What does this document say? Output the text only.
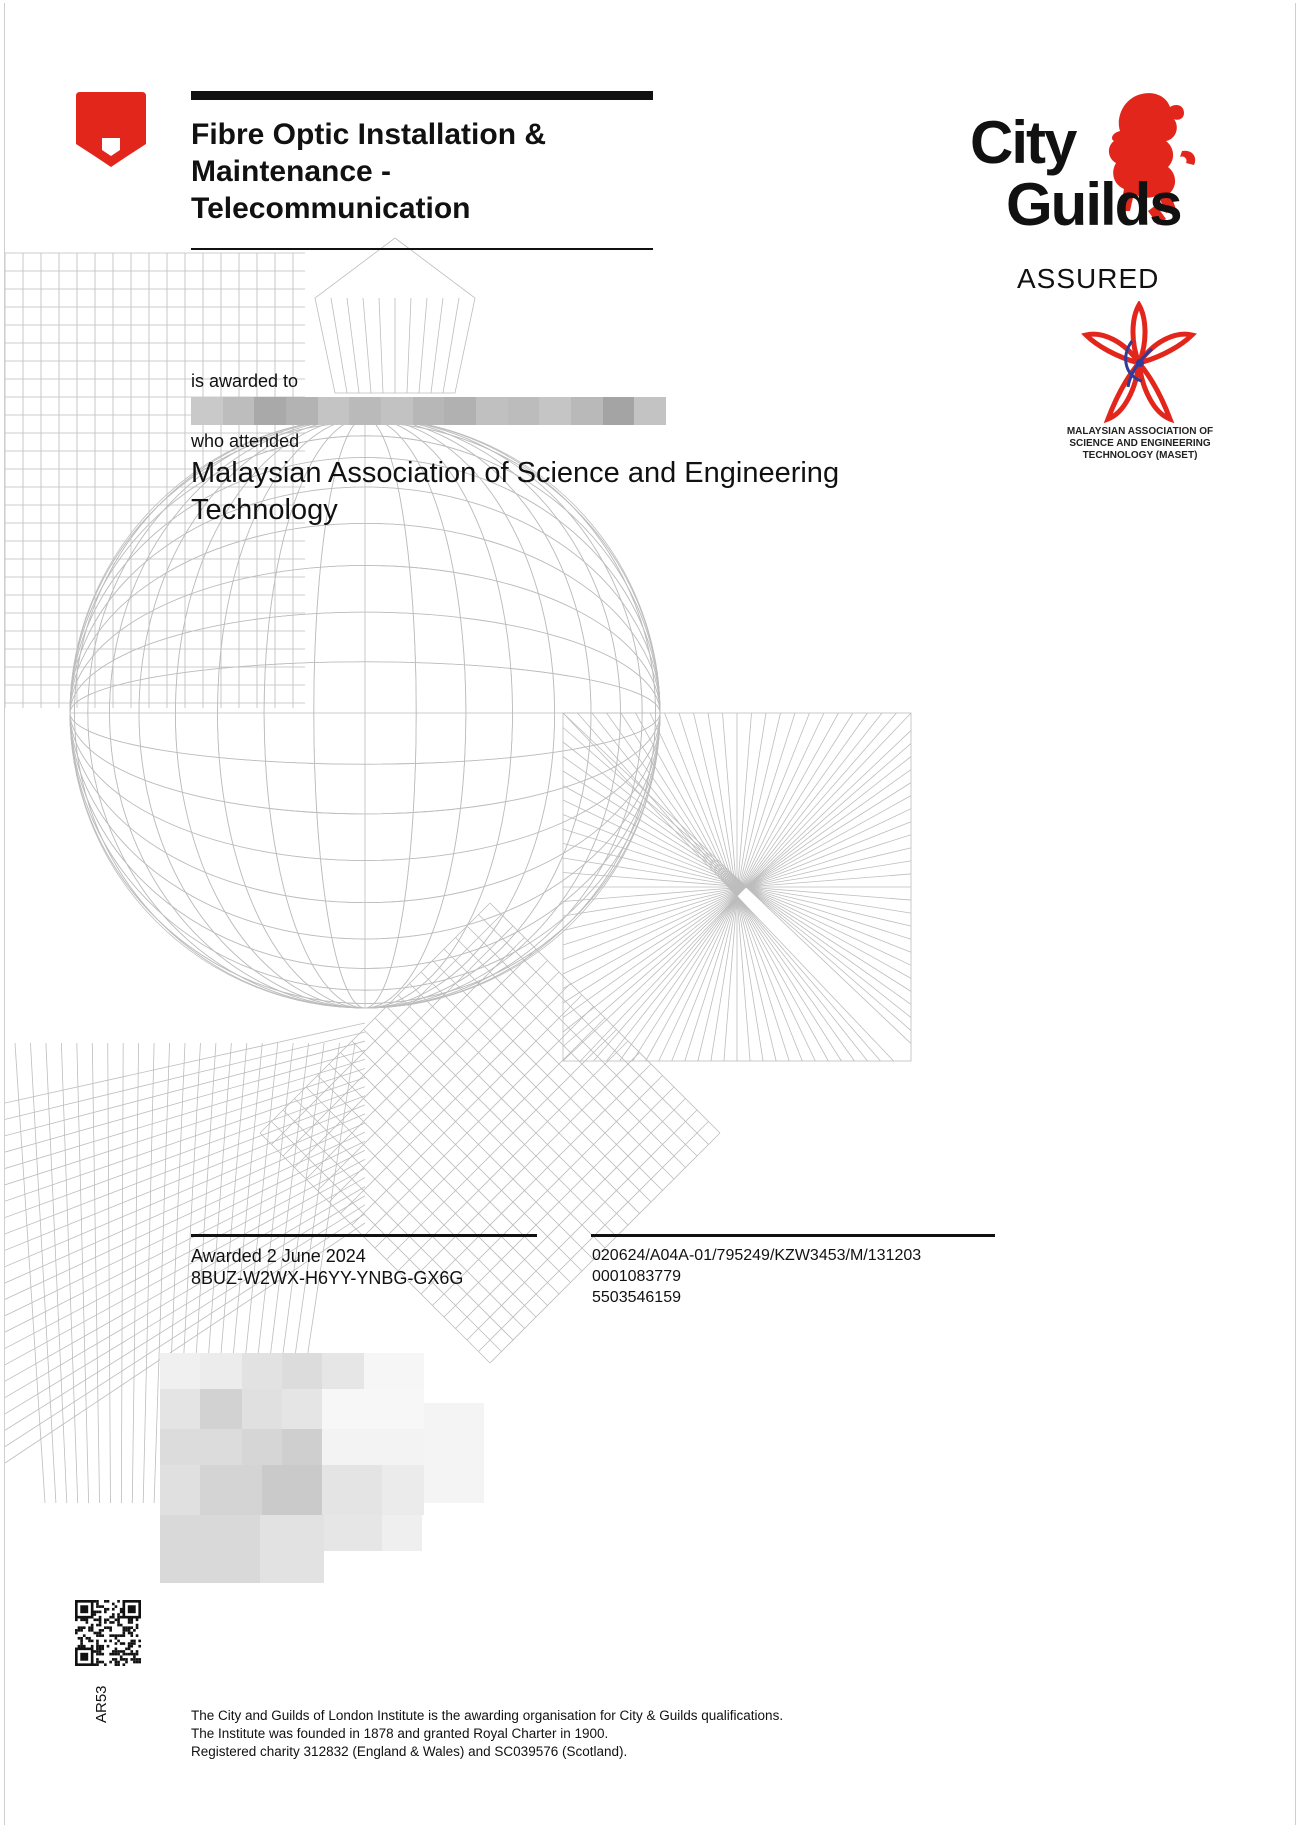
Fibre Optic Installation &
Maintenance -
Telecommunication
is awarded to
who attended
Malaysian Association of Science and Engineering
Technology
&
City
Guilds
ASSURED
MALAYSIAN ASSOCIATION OF
SCIENCE AND ENGINEERING
TECHNOLOGY (MASET)
Awarded 2 June 2024
8BUZ-W2WX-H6YY-YNBG-GX6G
020624/A04A-01/795249/KZW3453/M/131203
0001083779
5503546159
AR53	The City and Guilds of London Institute is the awarding organisation for City & Guilds qualifications.
The Institute was founded in 1878 and granted Royal Charter in 1900.
Registered charity 312832 (England & Wales) and SC039576 (Scotland).
